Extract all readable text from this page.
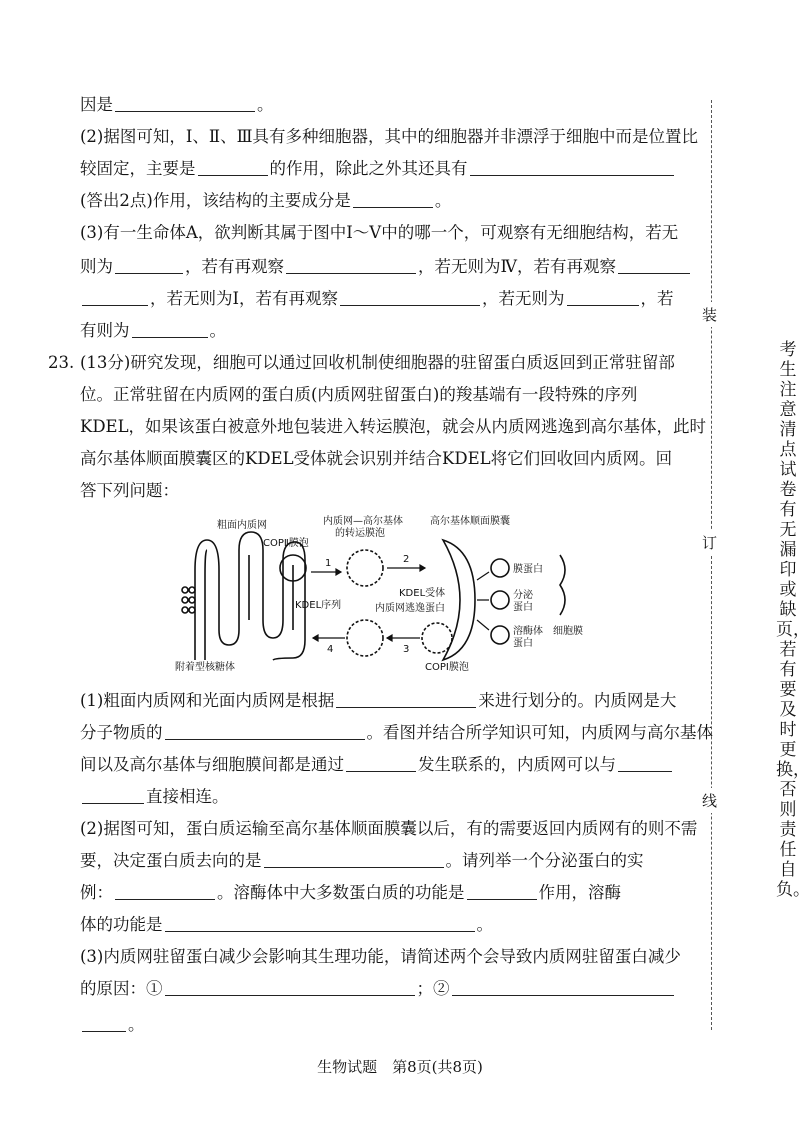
因是	。
(2)据图可知，Ⅰ、Ⅱ、Ⅲ具有多种细胞器，其中的细胞器并非漂浮于细胞中而是位置比
较固定，主要是	的作用，除此之外其还具有
(答出2点)作用，该结构的主要成分是	。
(3)有一生命体A，欲判断其属于图中Ⅰ～Ⅴ中的哪一个，可观察有无细胞结构，若无
则为	，若有再观察	，若无则为Ⅳ，若有再观察
，若无则为Ⅰ，若有再观察	，若无则为	，若
有则为	。
23. (13分)研究发现，细胞可以通过回收机制使细胞器的驻留蛋白质返回到正常驻留部
位。正常驻留在内质网的蛋白质(内质网驻留蛋白)的羧基端有一段特殊的序列
KDEL，如果该蛋白被意外地包装进入转运膜泡，就会从内质网逃逸到高尔基体，此时
高尔基体顺面膜囊区的KDEL受体就会识别并结合KDEL将它们回收回内质网。回
答下列问题：
粗面内质网
COPⅡ膜泡
内质网—高尔基体
的转运膜泡
高尔基体顺面膜囊
KDEL受体
内质网逃逸蛋白
KDEL序列
COPⅠ膜泡
附着型核糖体
膜蛋白
分泌
蛋白
溶酶体
蛋白
细胞膜
1	2
3
4
(1)粗面内质网和光面内质网是根据	来进行划分的。内质网是大
分子物质的	。看图并结合所学知识可知，内质网与高尔基体
间以及高尔基体与细胞膜间都是通过	发生联系的，内质网可以与
直接相连。
(2)据图可知，蛋白质运输至高尔基体顺面膜囊以后，有的需要返回内质网有的则不需
要，决定蛋白质去向的是	。请列举一个分泌蛋白的实
例：	。溶酶体中大多数蛋白质的功能是	作用，溶酶
体的功能是	。
(3)内质网驻留蛋白减少会影响其生理功能，请简述两个会导致内质网驻留蛋白减少
的原因：①	；②
。
装
订
线
考生注意清点试卷有无漏印或缺页，若有要及时更换，否则责任自负。
生物试题　第8页(共8页)
